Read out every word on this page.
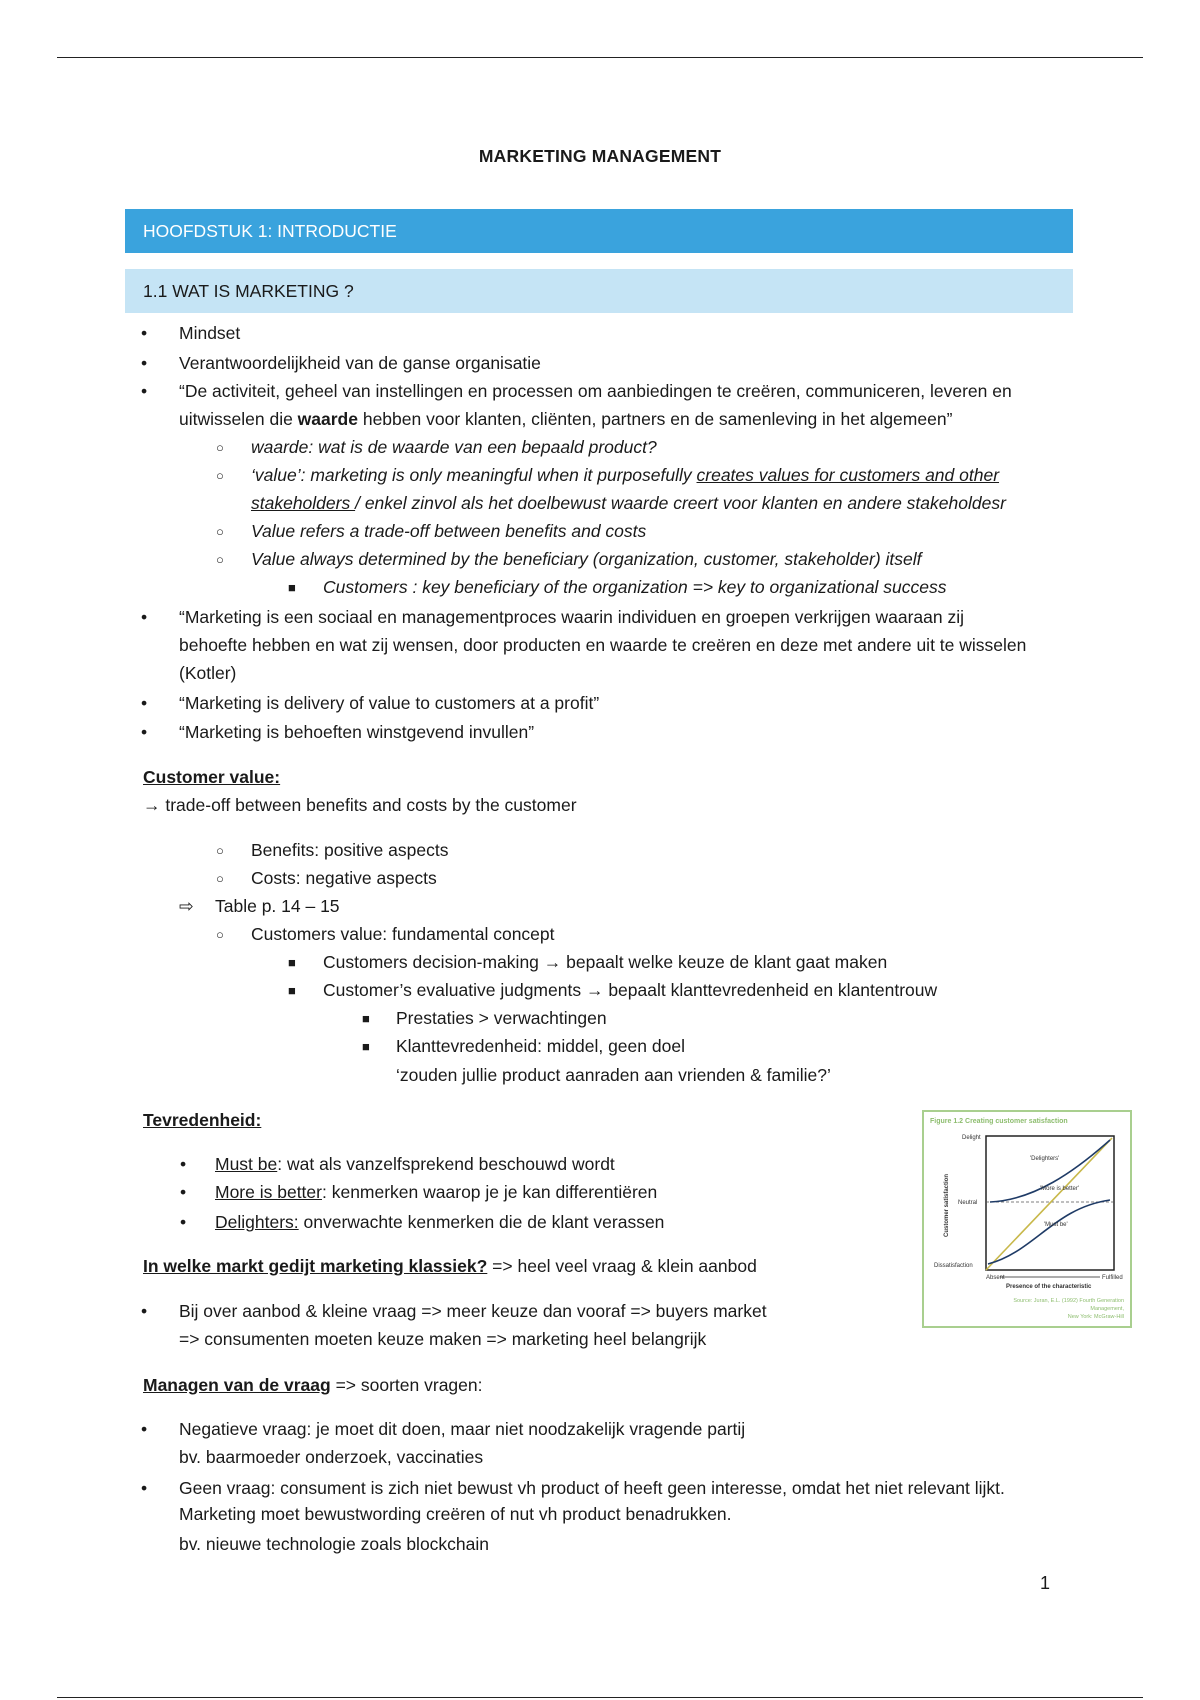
MARKETING MANAGEMENT
HOOFDSTUK 1: INTRODUCTIE
1.1 WAT IS MARKETING ?
• Mindset
• Verantwoordelijkheid van de ganse organisatie
• “De activiteit, geheel van instellingen en processen om aanbiedingen te creëren, communiceren, leveren en
uitwisselen die waarde hebben voor klanten, cliënten, partners en de samenleving in het algemeen”
○ waarde: wat is de waarde van een bepaald product?
○ ‘value’: marketing is only meaningful when it purposefully creates values for customers and other
stakeholders / enkel zinvol als het doelbewust waarde creert voor klanten en andere stakeholdesr
○ Value refers a trade-off between benefits and costs
○ Value always determined by the beneficiary (organization, customer, stakeholder) itself
■ Customers : key beneficiary of the organization => key to organizational success
• “Marketing is een sociaal en managementproces waarin individuen en groepen verkrijgen waaraan zij
behoefte hebben en wat zij wensen, door producten en waarde te creëren en deze met andere uit te wisselen
(Kotler)
• “Marketing is delivery of value to customers at a profit”
• “Marketing is behoeften winstgevend invullen”
Customer value:
→ trade-off between benefits and costs by the customer
○ Benefits: positive aspects
○ Costs: negative aspects
⇨ Table p. 14 – 15
○ Customers value: fundamental concept
■ Customers decision-making → bepaalt welke keuze de klant gaat maken
■ Customer’s evaluative judgments → bepaalt klanttevredenheid en klantentrouw
■ Prestaties > verwachtingen
■ Klanttevredenheid: middel, geen doel
‘zouden jullie product aanraden aan vrienden & familie?’
Tevredenheid:
• Must be: wat als vanzelfsprekend beschouwd wordt
• More is better: kenmerken waarop je je kan differentiëren
• Delighters: onverwachte kenmerken die de klant verassen
In welke markt gedijt marketing klassiek? => heel veel vraag & klein aanbod
• Bij over aanbod & kleine vraag => meer keuze dan vooraf => buyers market
=> consumenten moeten keuze maken => marketing heel belangrijk
Managen van de vraag => soorten vragen:
• Negatieve vraag: je moet dit doen, maar niet noodzakelijk vragende partij
bv. baarmoeder onderzoek, vaccinaties
• Geen vraag: consument is zich niet bewust vh product of heeft geen interesse, omdat het niet relevant lijkt.
Marketing moet bewustwording creëren of nut vh product benadrukken.
bv. nieuwe technologie zoals blockchain
1
Figure 1.2 Creating customer satisfaction
Delight
Neutral
Dissatisfaction
Customer satisfaction
Absent	Fulfilled
Presence of the characteristic
'Delighters'
'More is better'
'Must be'
Source: Juran, E.L. (1992) Fourth Generation
Management,
New York: McGraw-Hill
